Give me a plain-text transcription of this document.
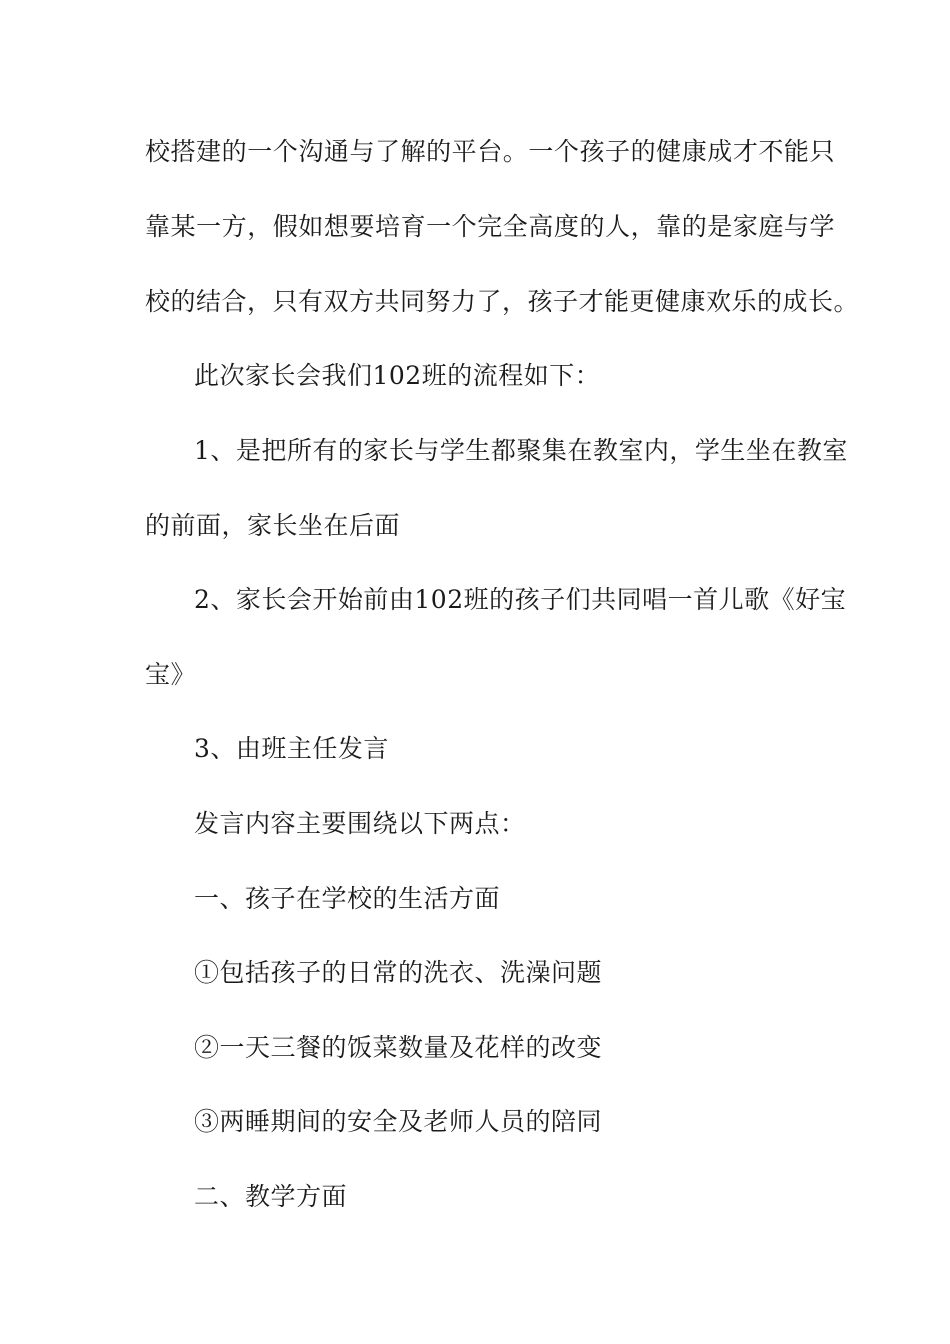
校搭建的一个沟通与了解的平台。一个孩子的健康成才不能只
靠某一方，假如想要培育一个完全高度的人，靠的是家庭与学
校的结合，只有双方共同努力了，孩子才能更健康欢乐的成长。
此次家长会我们102班的流程如下：
1、是把所有的家长与学生都聚集在教室内，学生坐在教室
的前面，家长坐在后面
2、家长会开始前由102班的孩子们共同唱一首儿歌《好宝
宝》
3、由班主任发言
发言内容主要围绕以下两点：
一、孩子在学校的生活方面
①包括孩子的日常的洗衣、洗澡问题
②一天三餐的饭菜数量及花样的改变
③两睡期间的安全及老师人员的陪同
二、教学方面
